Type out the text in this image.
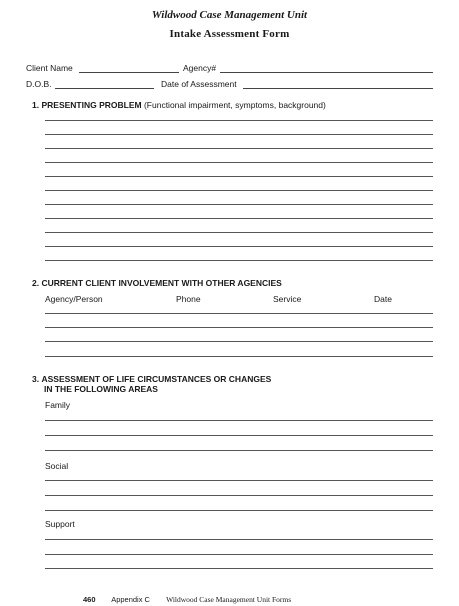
Wildwood Case Management Unit
Intake Assessment Form
Client Name	Agency#
D.O.B.	Date of Assessment
1. PRESENTING PROBLEM (Functional impairment, symptoms, background)
2. CURRENT CLIENT INVOLVEMENT WITH OTHER AGENCIES
Agency/Person	Phone	Service	Date
3. ASSESSMENT OF LIFE CIRCUMSTANCES OR CHANGES
IN THE FOLLOWING AREAS
Family
Social
Support
460 Appendix C Wildwood Case Management Unit Forms
